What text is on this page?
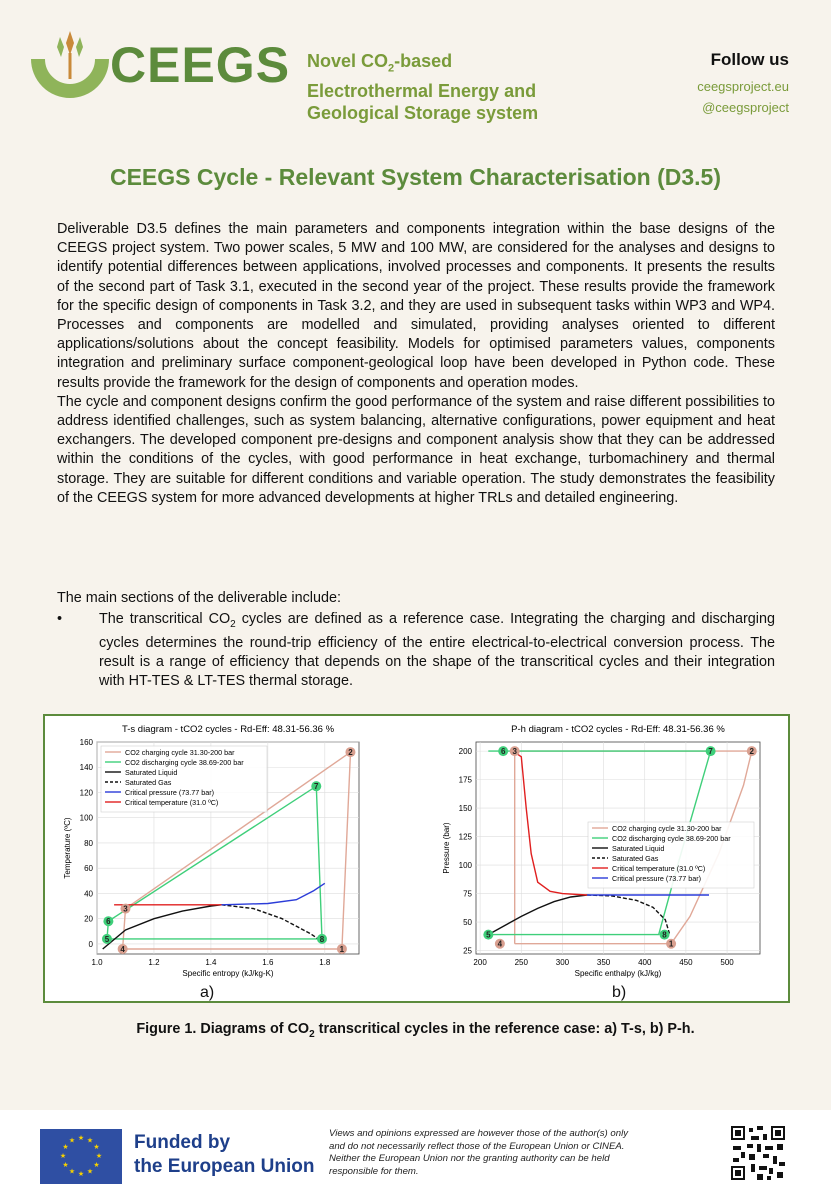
CEEGS Novel $CO_2$-based
Electrothermal Energy and
Geological Storage system
Follow us
ceegsproject.eu
@ceegsproject
CEEGS Cycle - Relevant System Characterisation (D3.5)

Deliverable D3.5 defines the main parameters and components integration within the base designs of the CEEGS project system. Two power scales, 5 MW and 100 MW, are considered for the analyses and designs to identify potential differences between applications, involved processes and components. It presents the results of the second part of Task 3.1, executed in the second year of the project. These results provide the framework for the specific design of components in Task 3.2, and they are used in subsequent tasks within WP3 and WP4. Processes and components are modelled and simulated, providing analyses oriented to different applications/solutions about the concept feasibility. Models for optimised parameters values, components integration and preliminary surface component-geological loop have been developed in Python code. These results provide the framework for the design of components and operation modes.

The cycle and component designs confirm the good performance of the system and raise different possibilities to address identified challenges, such as system balancing, alternative configurations, power equipment and heat exchangers. The developed component pre-designs and component analysis show that they can be addressed within the conditions of the cycles, with good performance in heat exchange, turbomachinery and thermal storage. They are suitable for different conditions and variable operation. The study demonstrates the feasibility of the CEEGS system for more advanced developments at higher TRLs and detailed engineering.

The main sections of the deliverable include:
•	The transcritical $CO_2$ cycles are defined as a reference case. Integrating the charging and discharging cycles determines the round-trip efficiency of the entire electrical-to-electrical conversion process. The result is a range of efficiency that depends on the shape of the transcritical cycles and their integration with HT-TES & LT-TES thermal storage.
T-s diagram - tCO2 cycles - Rd-Eff: 48.31-56.36 %
1.0	1.2	1.4	1.6	1.8
0
20
40
60
80
100
120
140
160
Specific entropy (kJ/kg-K)
Temperature (ºC)
1
2
3
4
5
6
7
8
CO2 charging cycle 31.30-200 bar
CO2 discharging cycle 38.69-200 bar
Saturated Liquid
Saturated Gas
Critical pressure (73.77 bar)
Critical temperature (31.0 ºC)
P-h diagram - tCO2 cycles - Rd-Eff: 48.31-56.36 %
200	250	300	350	400	450	500
25
50
75
100
125
150
175
200
Specific enthalpy (kJ/kg)
Pressure (bar)
1
2
3
4
5
6	7
8
CO2 charging cycle 31.30-200 bar
CO2 discharging cycle 38.69-200 bar
Saturated Liquid
Saturated Gas
Critical temperature (31.0 ºC)
Critical pressure (73.77 bar)
a)	b)
Figure 1. Diagrams of $CO_2$ transcritical cycles in the reference case: a) T-s, b) P-h.
★ ★
★
★
★
★
★
★
★
★
★
★	Funded by
the European Union
Views and opinions expressed are however those of the author(s) only and do not necessarily reflect those of the European Union or CINEA. Neither the European Union nor the granting authority can be held responsible for them.
